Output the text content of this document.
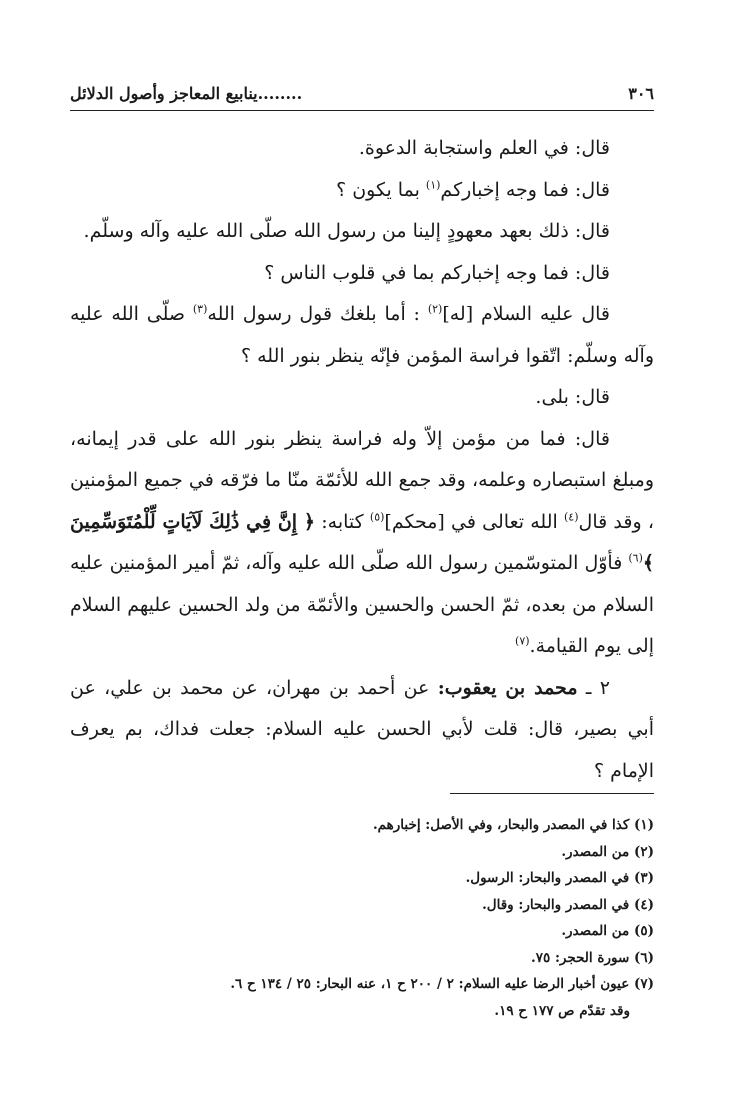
٣٠٦
........ينابيع المعاجز وأصول الدلائل

قال: في العلم واستجابة الدعوة.

قال: فما وجه إخباركم$^{(١)}$ بما يكون ؟

قال: ذلك بعهد معهودٍ إلينا من رسول الله صلّى الله عليه وآله وسلّم.

قال: فما وجه إخباركم بما في قلوب الناس ؟

قال عليه السلام [له]$^{(٢)}$ : أما بلغك قول رسول الله$^{(٣)}$ صلّى الله عليه وآله وسلّم: اتّقوا فراسة المؤمن فإنّه ينظر بنور الله ؟

قال: بلى.

قال: فما من مؤمن إلاّ وله فراسة ينظر بنور الله على قدر إيمانه، ومبلغ استبصاره وعلمه، وقد جمع الله للأئمّة منّا ما فرّقه في جميع المؤمنين ، وقد قال$^{(٤)}$ الله تعالى في [محكم]$^{(٥)}$ كتابه: ﴿ إِنَّ فِي ذَٰلِكَ لَآيَاتٍ لِّلْمُتَوَسِّمِينَ ﴾$^{(٦)}$ فأوّل المتوسّمين رسول الله صلّى الله عليه وآله، ثمّ أمير المؤمنين عليه السلام من بعده، ثمّ الحسن والحسين والأئمّة من ولد الحسين عليهم السلام إلى يوم القيامة.$^{(٧)}$

٢ ـ محمد بن يعقوب: عن أحمد بن مهران، عن محمد بن علي، عن أبي بصير، قال: قلت لأبي الحسن عليه السلام: جعلت فداك، بم يعرف الإمام ؟

(١) كذا في المصدر والبحار، وفي الأصل: إخبارهم.

(٢) من المصدر.

(٣) في المصدر والبحار: الرسول.

(٤) في المصدر والبحار: وقال.

(٥) من المصدر.

(٦) سورة الحجر: ٧٥.

(٧) عيون أخبار الرضا عليه السلام: ٢ / ٢٠٠ ح ١، عنه البحار: ٢٥ / ١٣٤ ح ٦.

وقد تقدّم ص ١٧٧ ح ١٩.
